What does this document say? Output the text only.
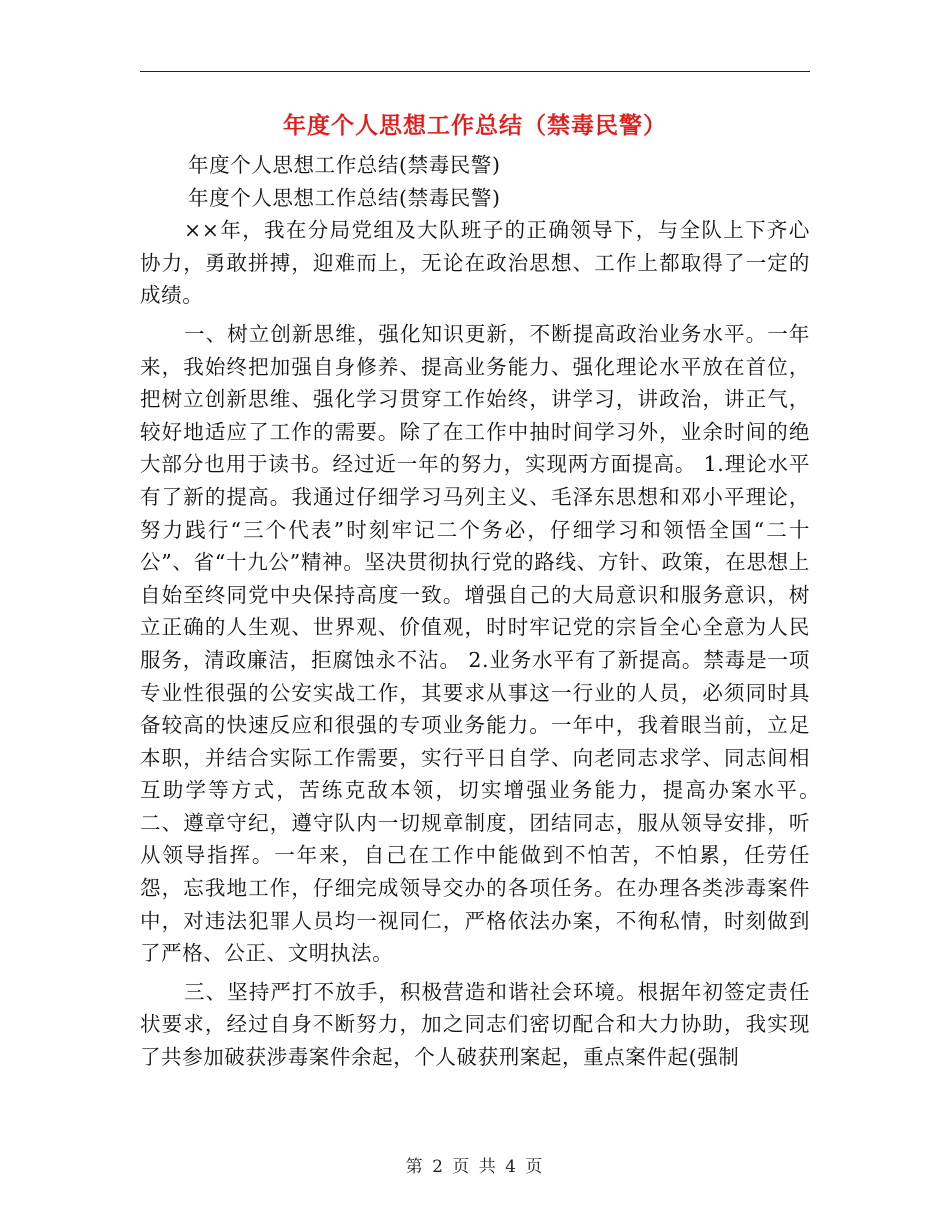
年度个人思想工作总结（禁毒民警）

年度个人思想工作总结(禁毒民警)

年度个人思想工作总结(禁毒民警)

××年，我在分局党组及大队班子的正确领导下，与全队上下齐心协力，勇敢拼搏，迎难而上，无论在政治思想、工作上都取得了一定的成绩。

一、树立创新思维，强化知识更新，不断提高政治业务水平。一年来，我始终把加强自身修养、提高业务能力、强化理论水平放在首位，把树立创新思维、强化学习贯穿工作始终，讲学习，讲政治，讲正气，较好地适应了工作的需要。除了在工作中抽时间学习外，业余时间的绝大部分也用于读书。经过近一年的努力，实现两方面提高。 1.理论水平有了新的提高。我通过仔细学习马列主义、毛泽东思想和邓小平理论，努力践行“三个代表”时刻牢记二个务必，仔细学习和领悟全国“二十公”、省“十九公”精神。坚决贯彻执行党的路线、方针、政策，在思想上自始至终同党中央保持高度一致。增强自己的大局意识和服务意识，树立正确的人生观、世界观、价值观，时时牢记党的宗旨全心全意为人民服务，清政廉洁，拒腐蚀永不沾。 2.业务水平有了新提高。禁毒是一项专业性很强的公安实战工作，其要求从事这一行业的人员，必须同时具备较高的快速反应和很强的专项业务能力。一年中，我着眼当前，立足本职，并结合实际工作需要，实行平日自学、向老同志求学、同志间相互助学等方式，苦练克敌本领，切实增强业务能力，提高办案水平。　　二、遵章守纪，遵守队内一切规章制度，团结同志，服从领导安排，听从领导指挥。一年来，自己在工作中能做到不怕苦，不怕累，任劳任怨，忘我地工作，仔细完成领导交办的各项任务。在办理各类涉毒案件中，对违法犯罪人员均一视同仁，严格依法办案，不徇私情，时刻做到了严格、公正、文明执法。

三、坚持严打不放手，积极营造和谐社会环境。根据年初签定责任状要求，经过自身不断努力，加之同志们密切配合和大力协助，我实现了共参加破获涉毒案件余起，个人破获刑案起，重点案件起(强制

第 2 页 共 4 页
